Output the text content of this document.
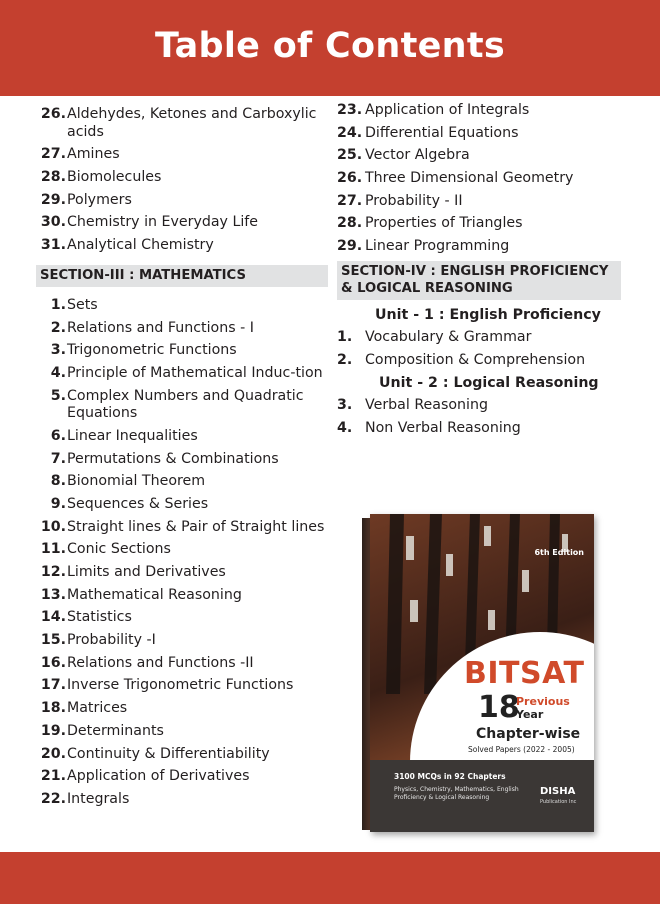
Table of Contents
26. Aldehydes, Ketones and Carboxylic acids
27. Amines
28. Biomolecules
29. Polymers
30. Chemistry in Everyday Life
31. Analytical Chemistry
SECTION-III : MATHEMATICS
1. Sets
2. Relations and Functions - I
3. Trigonometric Functions
4. Principle of Mathematical Induc-tion
5. Complex Numbers and Quadratic Equations
6. Linear Inequalities
7. Permutations & Combinations
8. Bionomial Theorem
9. Sequences & Series
10. Straight lines & Pair of Straight lines
11. Conic Sections
12. Limits and Derivatives
13. Mathematical Reasoning
14. Statistics
15. Probability -I
16. Relations and Functions -II
17. Inverse Trigonometric Functions
18. Matrices
19. Determinants
20. Continuity & Differentiability
21. Application of Derivatives
22. Integrals
23. Application of Integrals
24. Differential Equations
25. Vector Algebra
26. Three Dimensional Geometry
27. Probability - II
28. Properties of Triangles
29. Linear Programming
SECTION-IV : ENGLISH PROFICIENCY & LOGICAL REASONING
Unit - 1 : English Proficiency
1. Vocabulary & Grammar
2. Composition & Comprehension
Unit - 2 : Logical Reasoning
3. Verbal Reasoning
4. Non Verbal Reasoning
6th Edition
BITSAT
18
Previous
Year
Chapter-wise
Solved Papers (2022 - 2005)
3100 MCQs in 92 Chapters
Physics, Chemistry, Mathematics, English Proficiency & Logical Reasoning
DISHA
Publication Inc
